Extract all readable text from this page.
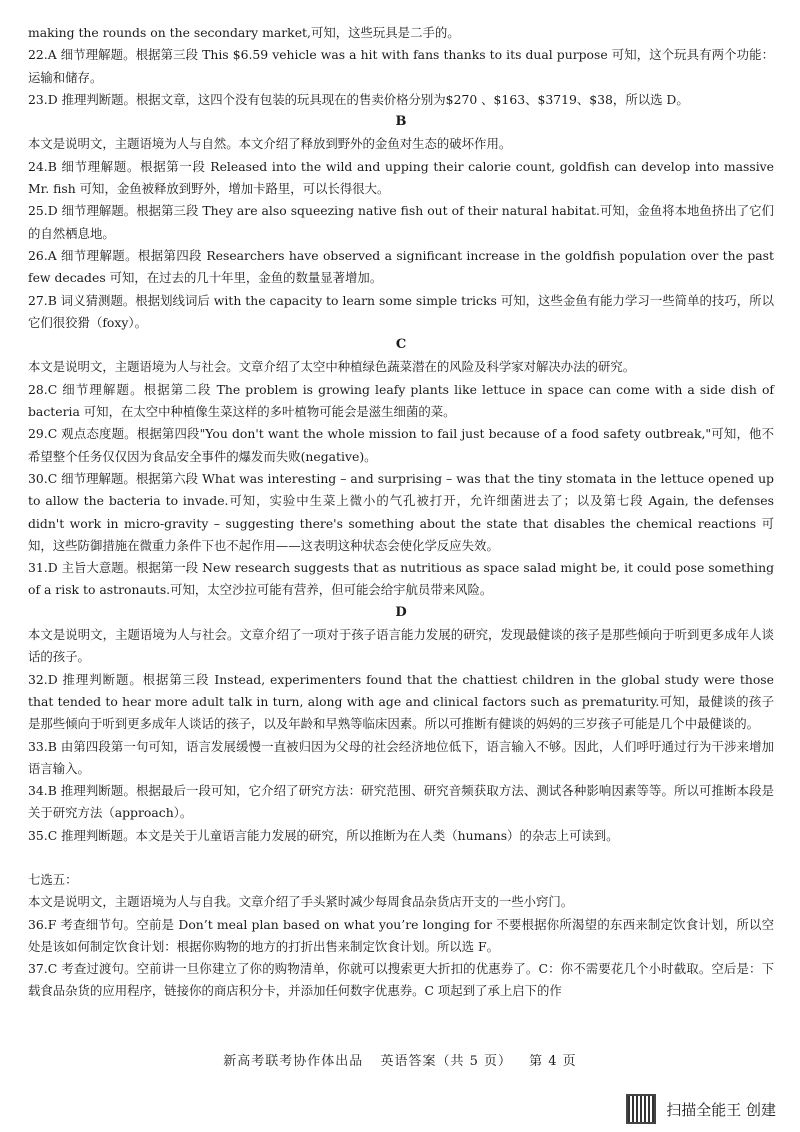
making the rounds on the secondary market,可知，这些玩具是二手的。

22.A 细节理解题。根据第三段 This $6.59 vehicle was a hit with fans thanks to its dual purpose 可知，这个玩具有两个功能：运输和储存。

23.D 推理判断题。根据文章，这四个没有包装的玩具现在的售卖价格分别为$270 、$163、$3719、$38，所以选 D。

B

本文是说明文，主题语境为人与自然。本文介绍了释放到野外的金鱼对生态的破坏作用。

24.B 细节理解题。根据第一段 Released into the wild and upping their calorie count, goldfish can develop into massive Mr. fish 可知，金鱼被释放到野外，增加卡路里，可以长得很大。

25.D 细节理解题。根据第三段 They are also squeezing native fish out of their natural habitat.可知，金鱼将本地鱼挤出了它们的自然栖息地。

26.A 细节理解题。根据第四段 Researchers have observed a significant increase in the goldfish population over the past few decades 可知，在过去的几十年里，金鱼的数量显著增加。

27.B 词义猜测题。根据划线词后 with the capacity to learn some simple tricks 可知，这些金鱼有能力学习一些简单的技巧，所以它们很狡猾（foxy）。

C

本文是说明文，主题语境为人与社会。文章介绍了太空中种植绿色蔬菜潜在的风险及科学家对解决办法的研究。

28.C 细节理解题。根据第二段 The problem is growing leafy plants like lettuce in space can come with a side dish of bacteria 可知，在太空中种植像生菜这样的多叶植物可能会是滋生细菌的菜。

29.C 观点态度题。根据第四段"You don't want the whole mission to fail just because of a food safety outbreak,"可知，他不希望整个任务仅仅因为食品安全事件的爆发而失败(negative)。

30.C 细节理解题。根据第六段 What was interesting – and surprising – was that the tiny stomata in the lettuce opened up to allow the bacteria to invade.可知，实验中生菜上微小的气孔被打开，允许细菌进去了；以及第七段 Again, the defenses didn't work in micro-gravity – suggesting there's something about the state that disables the chemical reactions 可知，这些防御措施在微重力条件下也不起作用——这表明这种状态会使化学反应失效。

31.D 主旨大意题。根据第一段 New research suggests that as nutritious as space salad might be, it could pose something of a risk to astronauts.可知，太空沙拉可能有营养，但可能会给宇航员带来风险。

D

本文是说明文，主题语境为人与社会。文章介绍了一项对于孩子语言能力发展的研究，发现最健谈的孩子是那些倾向于听到更多成年人谈话的孩子。

32.D 推理判断题。根据第三段 Instead, experimenters found that the chattiest children in the global study were those that tended to hear more adult talk in turn, along with age and clinical factors such as prematurity.可知，最健谈的孩子是那些倾向于听到更多成年人谈话的孩子，以及年龄和早熟等临床因素。所以可推断有健谈的妈妈的三岁孩子可能是几个中最健谈的。

33.B 由第四段第一句可知，语言发展缓慢一直被归因为父母的社会经济地位低下，语言输入不够。因此，人们呼吁通过行为干涉来增加语言输入。

34.B 推理判断题。根据最后一段可知，它介绍了研究方法：研究范围、研究音频获取方法、测试各种影响因素等等。所以可推断本段是关于研究方法（approach）。

35.C 推理判断题。本文是关于儿童语言能力发展的研究，所以推断为在人类（humans）的杂志上可读到。

七选五：

本文是说明文，主题语境为人与自我。文章介绍了手头紧时减少每周食品杂货店开支的一些小窍门。

36.F 考查细节句。空前是 Don’t meal plan based on what you’re longing for 不要根据你所渴望的东西来制定饮食计划，所以空处是该如何制定饮食计划：根据你购物的地方的打折出售来制定饮食计划。所以选 F。

37.C 考查过渡句。空前讲一旦你建立了你的购物清单，你就可以搜索更大折扣的优惠券了。C：你不需要花几个小时截取。空后是：下载食品杂货的应用程序，链接你的商店积分卡，并添加任何数字优惠券。C 项起到了承上启下的作

新高考联考协作体出品 英语答案（共 5 页） 第 4 页
扫描全能王 创建
